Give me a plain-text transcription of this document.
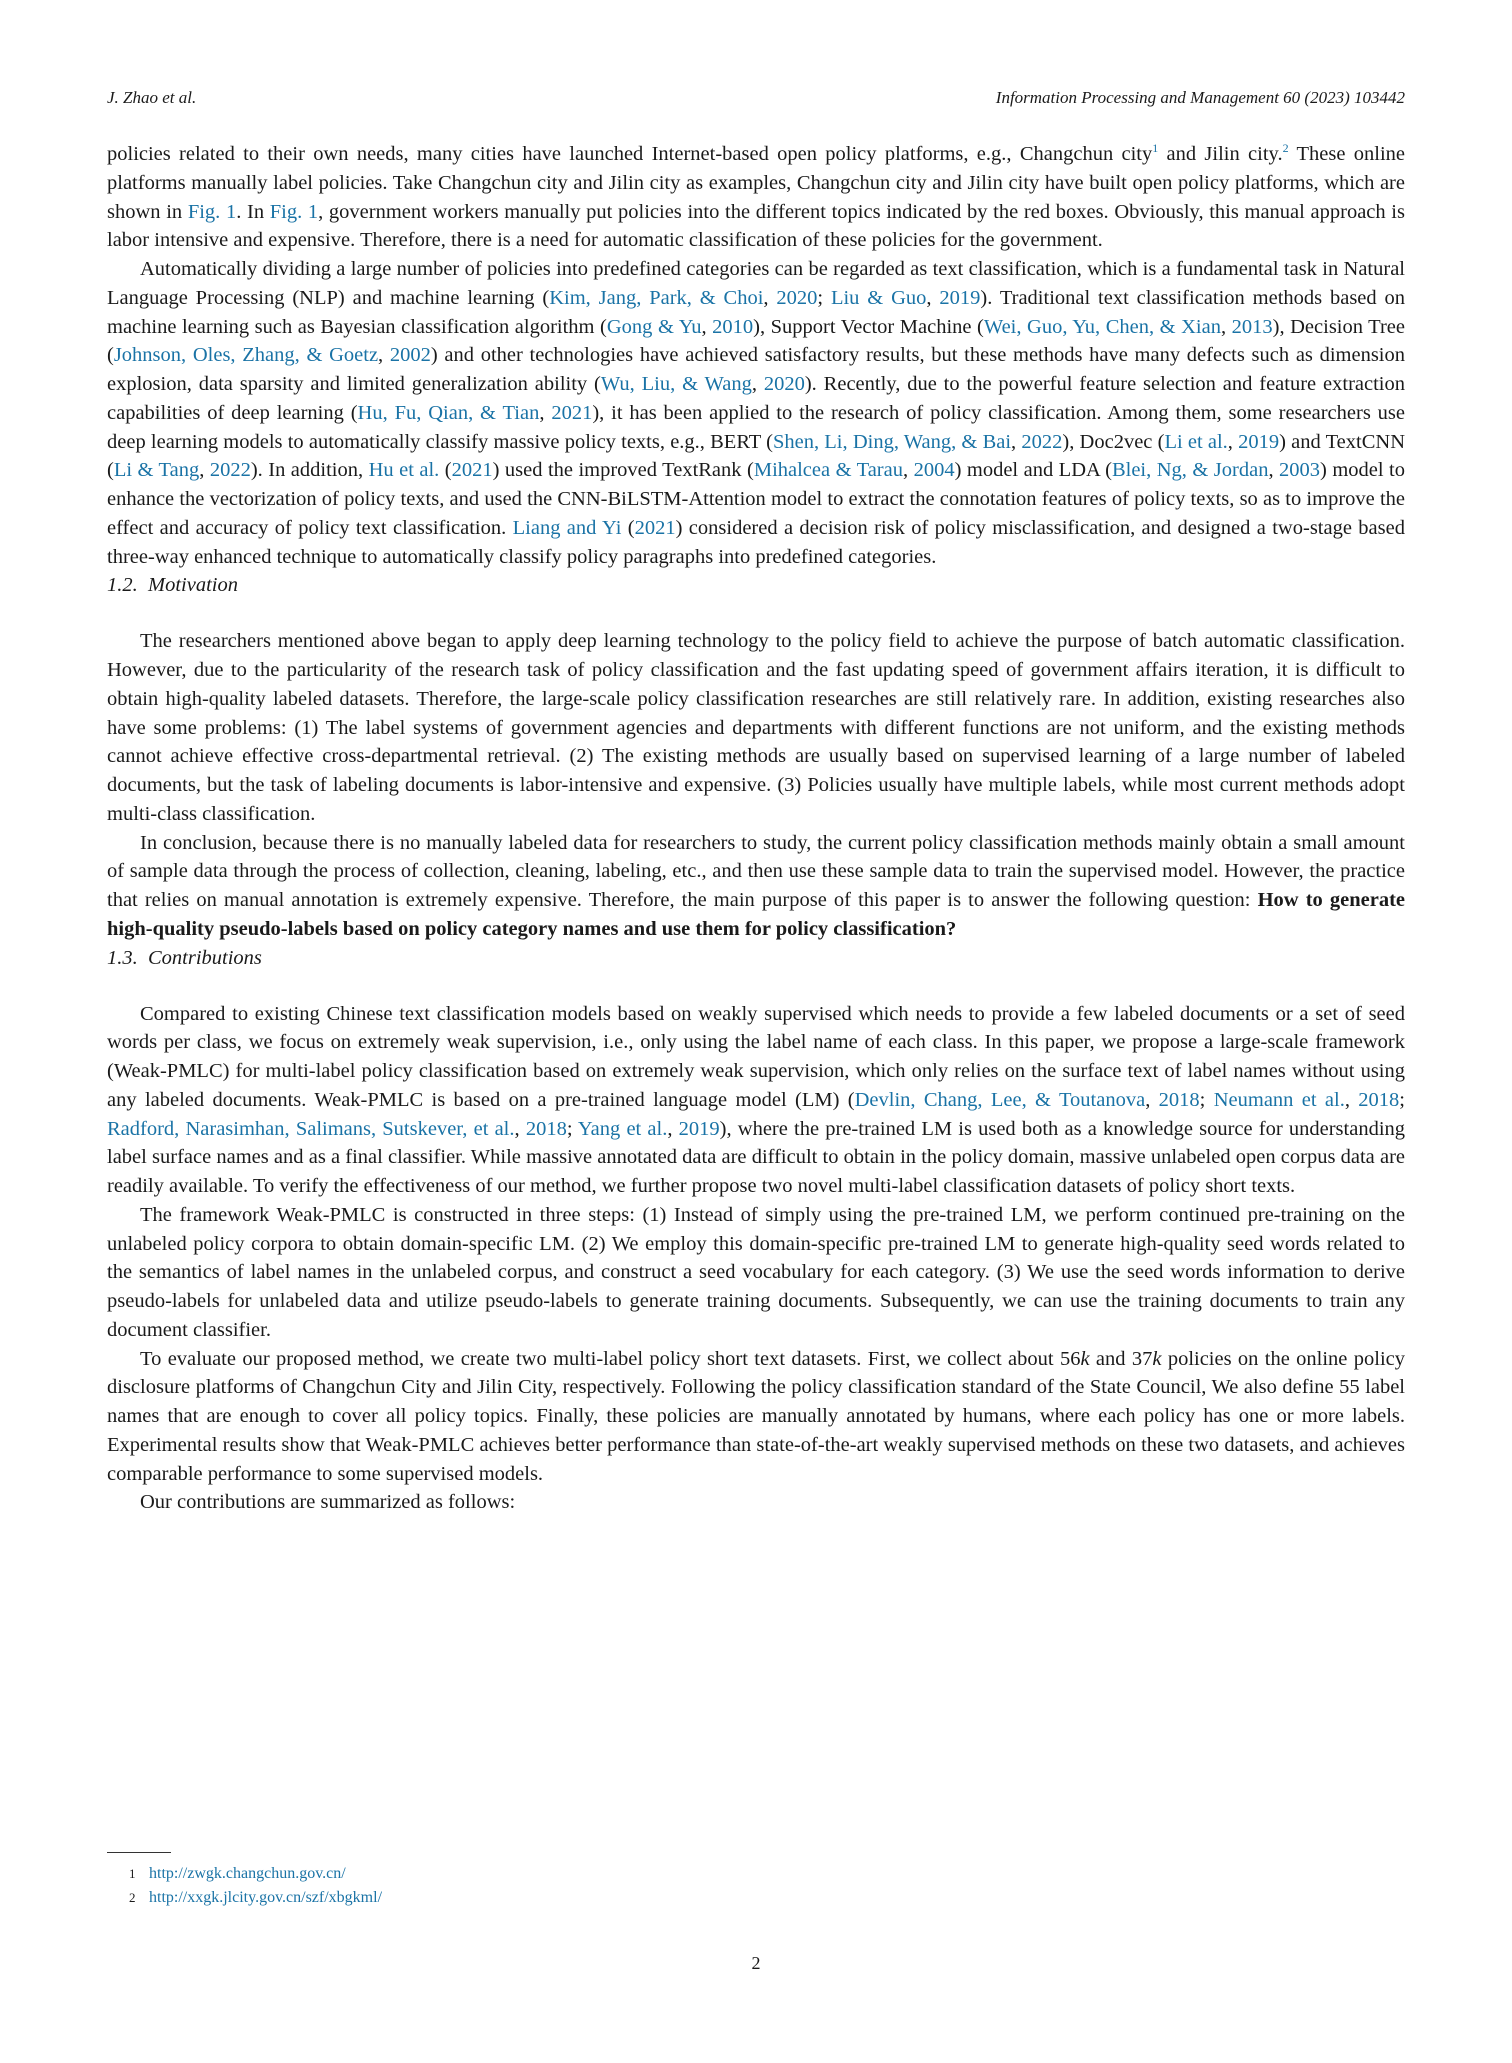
J. Zhao et al.	Information Processing and Management 60 (2023) 103442

policies related to their own needs, many cities have launched Internet-based open policy platforms, e.g., Changchun city$^1$ and Jilin city.$^2$ These online platforms manually label policies. Take Changchun city and Jilin city as examples, Changchun city and Jilin city have built open policy platforms, which are shown in Fig. 1. In Fig. 1, government workers manually put policies into the different topics indicated by the red boxes. Obviously, this manual approach is labor intensive and expensive. Therefore, there is a need for automatic classification of these policies for the government.

Automatically dividing a large number of policies into predefined categories can be regarded as text classification, which is a fundamental task in Natural Language Processing (NLP) and machine learning (Kim, Jang, Park, & Choi, 2020; Liu & Guo, 2019). Traditional text classification methods based on machine learning such as Bayesian classification algorithm (Gong & Yu, 2010), Support Vector Machine (Wei, Guo, Yu, Chen, & Xian, 2013), Decision Tree (Johnson, Oles, Zhang, & Goetz, 2002) and other technologies have achieved satisfactory results, but these methods have many defects such as dimension explosion, data sparsity and limited generalization ability (Wu, Liu, & Wang, 2020). Recently, due to the powerful feature selection and feature extraction capabilities of deep learning (Hu, Fu, Qian, & Tian, 2021), it has been applied to the research of policy classification. Among them, some researchers use deep learning models to automatically classify massive policy texts, e.g., BERT (Shen, Li, Ding, Wang, & Bai, 2022), Doc2vec (Li et al., 2019) and TextCNN (Li & Tang, 2022). In addition, Hu et al. (2021) used the improved TextRank (Mihalcea & Tarau, 2004) model and LDA (Blei, Ng, & Jordan, 2003) model to enhance the vectorization of policy texts, and used the CNN-BiLSTM-Attention model to extract the connotation features of policy texts, so as to improve the effect and accuracy of policy text classification. Liang and Yi (2021) considered a decision risk of policy misclassification, and designed a two-stage based three-way enhanced technique to automatically classify policy paragraphs into predefined categories.

1.2. Motivation

The researchers mentioned above began to apply deep learning technology to the policy field to achieve the purpose of batch automatic classification. However, due to the particularity of the research task of policy classification and the fast updating speed of government affairs iteration, it is difficult to obtain high-quality labeled datasets. Therefore, the large-scale policy classification researches are still relatively rare. In addition, existing researches also have some problems: (1) The label systems of government agencies and departments with different functions are not uniform, and the existing methods cannot achieve effective cross-departmental retrieval. (2) The existing methods are usually based on supervised learning of a large number of labeled documents, but the task of labeling documents is labor-intensive and expensive. (3) Policies usually have multiple labels, while most current methods adopt multi-class classification.

In conclusion, because there is no manually labeled data for researchers to study, the current policy classification methods mainly obtain a small amount of sample data through the process of collection, cleaning, labeling, etc., and then use these sample data to train the supervised model. However, the practice that relies on manual annotation is extremely expensive. Therefore, the main purpose of this paper is to answer the following question: How to generate high-quality pseudo-labels based on policy category names and use them for policy classification?

1.3. Contributions

Compared to existing Chinese text classification models based on weakly supervised which needs to provide a few labeled documents or a set of seed words per class, we focus on extremely weak supervision, i.e., only using the label name of each class. In this paper, we propose a large-scale framework (Weak-PMLC) for multi-label policy classification based on extremely weak supervision, which only relies on the surface text of label names without using any labeled documents. Weak-PMLC is based on a pre-trained language model (LM) (Devlin, Chang, Lee, & Toutanova, 2018; Neumann et al., 2018; Radford, Narasimhan, Salimans, Sutskever, et al., 2018; Yang et al., 2019), where the pre-trained LM is used both as a knowledge source for understanding label surface names and as a final classifier. While massive annotated data are difficult to obtain in the policy domain, massive unlabeled open corpus data are readily available. To verify the effectiveness of our method, we further propose two novel multi-label classification datasets of policy short texts.

The framework Weak-PMLC is constructed in three steps: (1) Instead of simply using the pre-trained LM, we perform continued pre-training on the unlabeled policy corpora to obtain domain-specific LM. (2) We employ this domain-specific pre-trained LM to generate high-quality seed words related to the semantics of label names in the unlabeled corpus, and construct a seed vocabulary for each category. (3) We use the seed words information to derive pseudo-labels for unlabeled data and utilize pseudo-labels to generate training documents. Subsequently, we can use the training documents to train any document classifier.

To evaluate our proposed method, we create two multi-label policy short text datasets. First, we collect about 56k and 37k policies on the online policy disclosure platforms of Changchun City and Jilin City, respectively. Following the policy classification standard of the State Council, We also define 55 label names that are enough to cover all policy topics. Finally, these policies are manually annotated by humans, where each policy has one or more labels. Experimental results show that Weak-PMLC achieves better performance than state-of-the-art weakly supervised methods on these two datasets, and achieves comparable performance to some supervised models.

Our contributions are summarized as follows:

1 http://zwgk.changchun.gov.cn/
2 http://xxgk.jlcity.gov.cn/szf/xbgkml/
2
